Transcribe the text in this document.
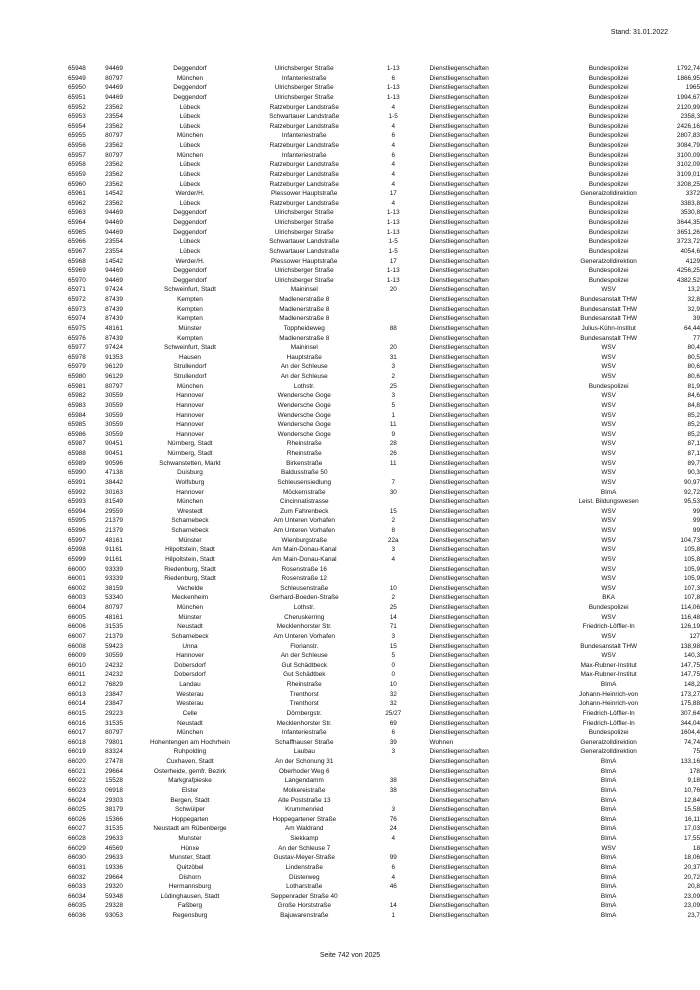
Stand: 31.01.2022
65948	94469	Deggendorf	Ulrichsberger Straße	1-13	Dienstliegenschaften	Bundespolizei	1792,74
65949	80797	München	Infanteriestraße	6	Dienstliegenschaften	Bundespolizei	1866,95
65950	94469	Deggendorf	Ulrichsberger Straße	1-13	Dienstliegenschaften	Bundespolizei	1965
65951	94469	Deggendorf	Ulrichsberger Straße	1-13	Dienstliegenschaften	Bundespolizei	1994,67
65952	23562	Lübeck	Ratzeburger Landstraße	4	Dienstliegenschaften	Bundespolizei	2120,99
65953	23554	Lübeck	Schwartauer Landstraße	1-5	Dienstliegenschaften	Bundespolizei	2358,3
65954	23562	Lübeck	Ratzeburger Landstraße	4	Dienstliegenschaften	Bundespolizei	2426,16
65955	80797	München	Infanteriestraße	6	Dienstliegenschaften	Bundespolizei	2807,83
65956	23562	Lübeck	Ratzeburger Landstraße	4	Dienstliegenschaften	Bundespolizei	3084,79
65957	80797	München	Infanteriestraße	6	Dienstliegenschaften	Bundespolizei	3100,09
65958	23562	Lübeck	Ratzeburger Landstraße	4	Dienstliegenschaften	Bundespolizei	3102,09
65959	23562	Lübeck	Ratzeburger Landstraße	4	Dienstliegenschaften	Bundespolizei	3109,01
65960	23562	Lübeck	Ratzeburger Landstraße	4	Dienstliegenschaften	Bundespolizei	3208,25
65961	14542	Werder/H.	Plessower Hauptstraße	17	Dienstliegenschaften	Generalzolldirektion	3372
65962	23562	Lübeck	Ratzeburger Landstraße	4	Dienstliegenschaften	Bundespolizei	3383,8
65963	94469	Deggendorf	Ulrichsberger Straße	1-13	Dienstliegenschaften	Bundespolizei	3530,8
65964	94469	Deggendorf	Ulrichsberger Straße	1-13	Dienstliegenschaften	Bundespolizei	3644,35
65965	94469	Deggendorf	Ulrichsberger Straße	1-13	Dienstliegenschaften	Bundespolizei	3651,26
65966	23554	Lübeck	Schwartauer Landstraße	1-5	Dienstliegenschaften	Bundespolizei	3723,72
65967	23554	Lübeck	Schwartauer Landstraße	1-5	Dienstliegenschaften	Bundespolizei	4054,6
65968	14542	Werder/H.	Plessower Hauptstraße	17	Dienstliegenschaften	Generalzolldirektion	4129
65969	94469	Deggendorf	Ulrichsberger Straße	1-13	Dienstliegenschaften	Bundespolizei	4256,25
65970	94469	Deggendorf	Ulrichsberger Straße	1-13	Dienstliegenschaften	Bundespolizei	4382,52
65971	97424	Schweinfurt, Stadt	Maininsel	20	Dienstliegenschaften	WSV	13,2
65972	87439	Kempten	Madlenerstraße 8		Dienstliegenschaften	Bundesanstalt THW	32,8
65973	87439	Kempten	Madlenerstraße 8		Dienstliegenschaften	Bundesanstalt THW	32,9
65974	87439	Kempten	Madlenerstraße 8		Dienstliegenschaften	Bundesanstalt THW	39
65975	48161	Münster	Toppheideweg	88	Dienstliegenschaften	Julius-Kühn-Institut	64,44
65976	87439	Kempten	Madlenerstraße 8		Dienstliegenschaften	Bundesanstalt THW	77
65977	97424	Schweinfurt, Stadt	Maininsel	20	Dienstliegenschaften	WSV	80,4
65978	91353	Hausen	Hauptstraße	31	Dienstliegenschaften	WSV	80,5
65979	96129	Strullendorf	An der Schleuse	3	Dienstliegenschaften	WSV	80,6
65980	96129	Strullendorf	An der Schleuse	2	Dienstliegenschaften	WSV	80,6
65981	80797	München	Lothstr.	25	Dienstliegenschaften	Bundespolizei	81,9
65982	30559	Hannover	Wendersche Goge	3	Dienstliegenschaften	WSV	84,6
65983	30559	Hannover	Wendersche Goge	5	Dienstliegenschaften	WSV	84,8
65984	30559	Hannover	Wendersche Goge	1	Dienstliegenschaften	WSV	85,2
65985	30559	Hannover	Wendersche Goge	11	Dienstliegenschaften	WSV	85,2
65986	30559	Hannover	Wendersche Goge	9	Dienstliegenschaften	WSV	85,2
65987	90451	Nürnberg, Stadt	Rheinstraße	28	Dienstliegenschaften	WSV	87,1
65988	90451	Nürnberg, Stadt	Rheinstraße	26	Dienstliegenschaften	WSV	87,1
65989	90596	Schwanstetten, Markt	Birkenstraße	11	Dienstliegenschaften	WSV	89,7
65990	47138	Duisburg	Baldusstraße 50		Dienstliegenschaften	WSV	90,3
65991	38442	Wolfsburg	Schleusensiedlung	7	Dienstliegenschaften	WSV	90,97
65992	30163	Hannover	Möckernstraße	30	Dienstliegenschaften	BImA	92,72
65993	81549	München	Cincinnatistrasse		Dienstliegenschaften	Leist. Bildungswesen	95,53
65994	29559	Wrestedt	Zum Fahrenbeck	15	Dienstliegenschaften	WSV	99
65995	21379	Scharnebeck	Am Unteren Vorhafen	2	Dienstliegenschaften	WSV	99
65996	21379	Scharnebeck	Am Unteren Vorhafen	8	Dienstliegenschaften	WSV	99
65997	48161	Münster	Wienburgstraße	22a	Dienstliegenschaften	WSV	104,73
65998	91161	Hilpoltstein, Stadt	Am Main-Donau-Kanal	3	Dienstliegenschaften	WSV	105,8
65999	91161	Hilpoltstein, Stadt	Am Main-Donau-Kanal	4	Dienstliegenschaften	WSV	105,8
66000	93339	Riedenburg, Stadt	Rosenstraße 16		Dienstliegenschaften	WSV	105,9
66001	93339	Riedenburg, Stadt	Rosenstraße 12		Dienstliegenschaften	WSV	105,9
66002	38159	Vechelde	Schleusenstraße	10	Dienstliegenschaften	WSV	107,3
66003	53340	Meckenheim	Gerhard-Boeden-Straße	2	Dienstliegenschaften	BKA	107,8
66004	80797	München	Lothstr.	25	Dienstliegenschaften	Bundespolizei	114,06
66005	48161	Münster	Cheruskerring	14	Dienstliegenschaften	WSV	116,48
66006	31535	Neustadt	Mecklenhorster Str.	71	Dienstliegenschaften	Friedrich-Löffler-In	126,19
66007	21379	Scharnebeck	Am Unteren Vorhafen	3	Dienstliegenschaften	WSV	127
66008	59423	Unna	Florianstr.	15	Dienstliegenschaften	Bundesanstalt THW	138,98
66009	30559	Hannover	An der Schleuse	5	Dienstliegenschaften	WSV	140,3
66010	24232	Dobersdorf	Gut Schädtbeck	0	Dienstliegenschaften	Max-Rubner-Institut	147,75
66011	24232	Dobersdorf	Gut Schädtbek	0	Dienstliegenschaften	Max-Rubner-Institut	147,75
66012	76829	Landau	Rheinstraße	10	Dienstliegenschaften	BImA	148,2
66013	23847	Westerau	Trenthorst	32	Dienstliegenschaften	Johann-Heinrich-von	173,27
66014	23847	Westerau	Trenthorst	32	Dienstliegenschaften	Johann-Heinrich-von	175,88
66015	29223	Celle	Dörnbergstr.	25/27	Dienstliegenschaften	Friedrich-Löffler-In	307,64
66016	31535	Neustadt	Mecklenhorster Str.	69	Dienstliegenschaften	Friedrich-Löffler-In	344,04
66017	80797	München	Infanteriestraße	6	Dienstliegenschaften	Bundespolizei	1604,4
66018	79801	Hohentengen am Hochrhein	Schaffhauser Straße	39	Wohnen	Generalzolldirektion	74,74
66019	83324	Ruhpolding	Laubau	3	Dienstliegenschaften	Generalzolldirektion	75
66020	27478	Cuxhaven, Stadt	An der Schonung 31		Dienstliegenschaften	BImA	133,16
66021	29664	Osterheide, gemfr. Bezirk	Oberhoder Weg 6		Dienstliegenschaften	BImA	178
66022	15528	Markgrafpieske	Langendamm	38	Dienstliegenschaften	BImA	9,18
66023	06918	Elster	Molkereistraße	38	Dienstliegenschaften	BImA	10,76
66024	29303	Bergen, Stadt	Alte Poststraße 13		Dienstliegenschaften	BImA	12,84
66025	38179	Schwülper	Krummenried	3	Dienstliegenschaften	BImA	15,58
66026	15366	Hoppegarten	Hoppegartener Straße	76	Dienstliegenschaften	BImA	16,11
66027	31535	Neustadt am Rübenberge	Am Waldrand	24	Dienstliegenschaften	BImA	17,03
66028	29633	Munster	Siekkamp	4	Dienstliegenschaften	BImA	17,55
66029	46569	Hünxe	An der Schleuse 7		Dienstliegenschaften	WSV	18
66030	29633	Munster, Stadt	Gustav-Meyer-Straße	99	Dienstliegenschaften	BImA	18,06
66031	19336	Quitzöbel	Lindenstraße	6	Dienstliegenschaften	BImA	20,37
66032	29664	Dishorn	Düsterweg	4	Dienstliegenschaften	BImA	20,72
66033	29320	Hermannsburg	Lotharstraße	46	Dienstliegenschaften	BImA	20,8
66034	59348	Lüdinghausen, Stadt	Seppenrader Straße 40		Dienstliegenschaften	BImA	23,09
66035	29328	Faßberg	Große Horststraße	14	Dienstliegenschaften	BImA	23,09
66036	93053	Regensburg	Bajuwarenstraße	1	Dienstliegenschaften	BImA	23,7
Seite 742 von 2025
